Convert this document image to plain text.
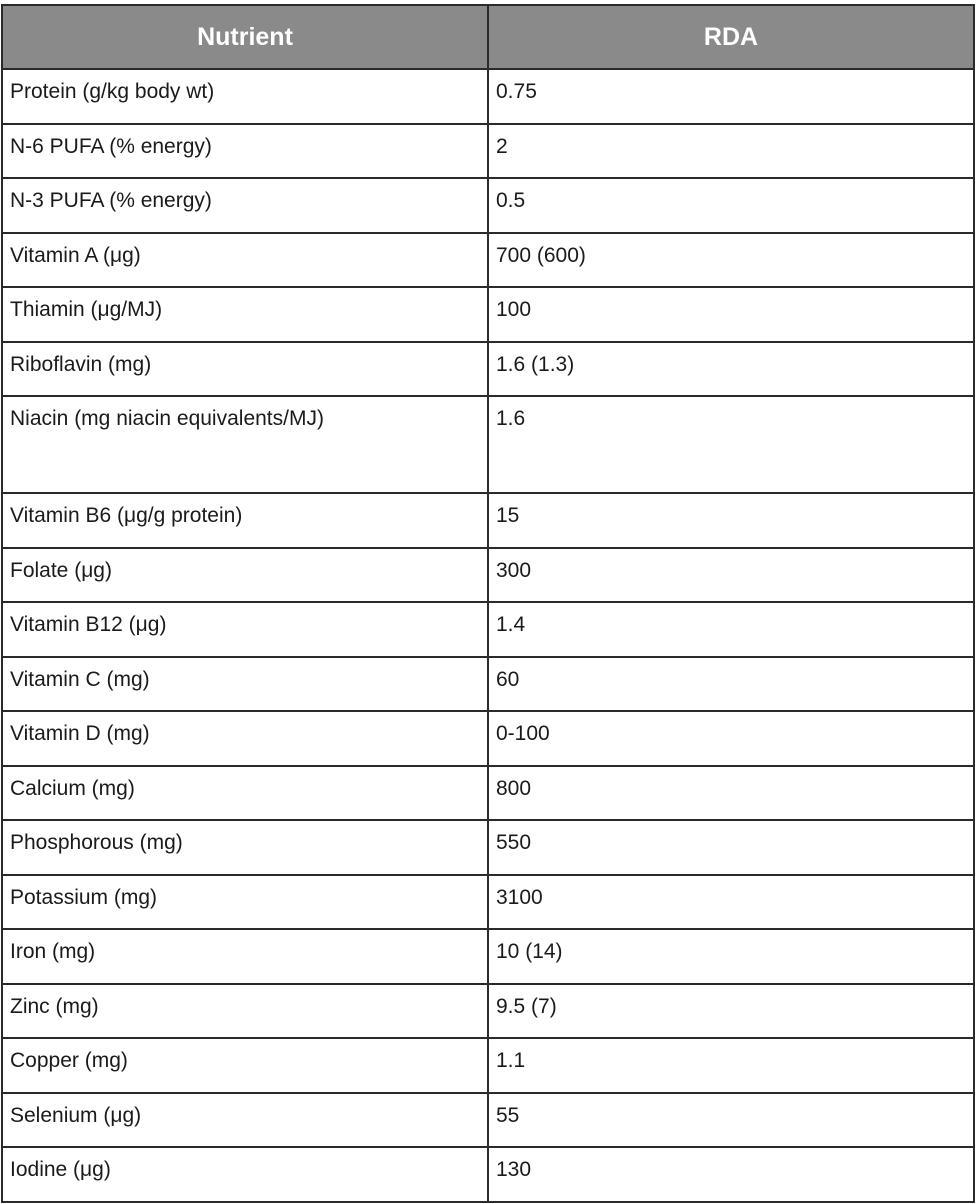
Nutrient	RDA
Protein (g/kg body wt)	0.75
N-6 PUFA (% energy)	2
N-3 PUFA (% energy)	0.5
Vitamin A (μg)	700 (600)
Thiamin (μg/MJ)	100
Riboflavin (mg)	1.6 (1.3)
Niacin (mg niacin equivalents/MJ)	1.6
Vitamin B6 (μg/g protein)	15
Folate (μg)	300
Vitamin B12 (μg)	1.4
Vitamin C (mg)	60
Vitamin D (mg)	0-100
Calcium (mg)	800
Phosphorous (mg)	550
Potassium (mg)	3100
Iron (mg)	10 (14)
Zinc (mg)	9.5 (7)
Copper (mg)	1.1
Selenium (μg)	55
Iodine (μg)	130
